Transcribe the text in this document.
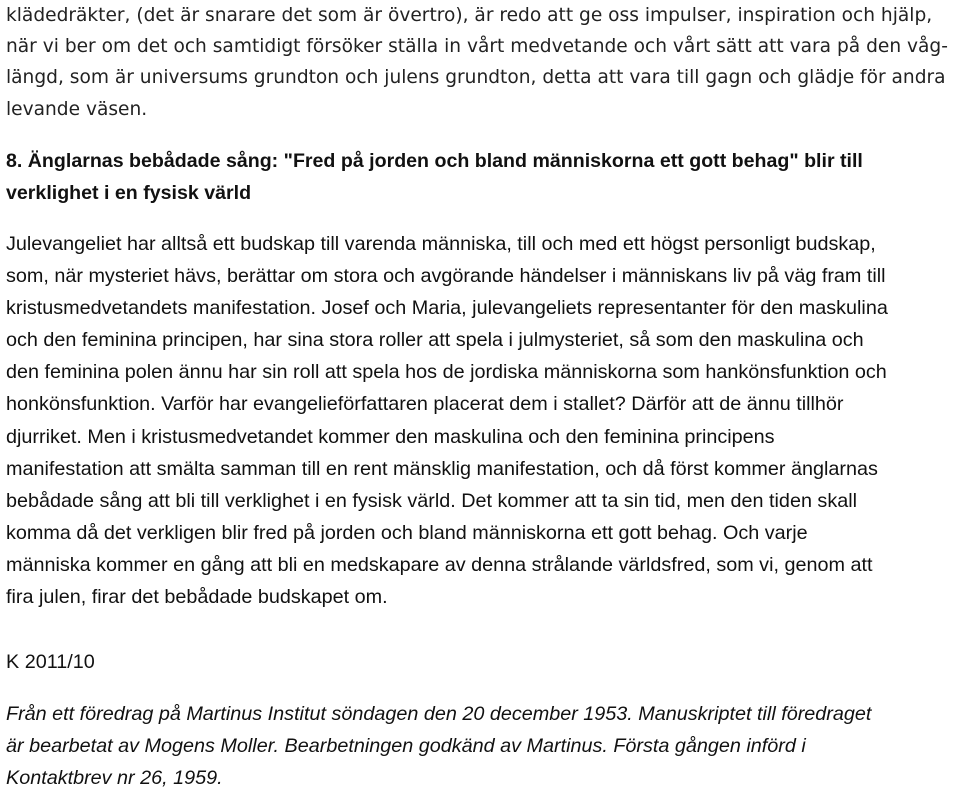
klädedräkter, (det är snarare det som är övertro), är redo att ge oss impulser, inspiration och hjälp,
när vi ber om det och samtidigt försöker ställa in vårt medvetande och vårt sätt att vara på den våg-
längd, som är universums grundton och julens grundton, detta att vara till gagn och glädje för andra
levande väsen.

8. Änglarnas bebådade sång: "Fred på jorden och bland människorna ett gott behag" blir till
verklighet i en fysisk värld

Julevangeliet har alltså ett budskap till varenda människa, till och med ett högst personligt budskap,
som, när mysteriet hävs, berättar om stora och avgörande händelser i människans liv på väg fram till
kristusmedvetandets manifestation. Josef och Maria, julevangeliets representanter för den maskulina
och den feminina principen, har sina stora roller att spela i julmysteriet, så som den maskulina och
den feminina polen ännu har sin roll att spela hos de jordiska människorna som hankönsfunktion och
honkönsfunktion. Varför har evangelieförfattaren placerat dem i stallet? Därför att de ännu tillhör
djurriket. Men i kristusmedvetandet kommer den maskulina och den feminina principens
manifestation att smälta samman till en rent mänsklig manifestation, och då först kommer änglarnas
bebådade sång att bli till verklighet i en fysisk värld. Det kommer att ta sin tid, men den tiden skall
komma då det verkligen blir fred på jorden och bland människorna ett gott behag. Och varje
människa kommer en gång att bli en medskapare av denna strålande världsfred, som vi, genom att
fira julen, firar det bebådade budskapet om.

K 2011/10

Från ett föredrag på Martinus Institut söndagen den 20 december 1953. Manuskriptet till föredraget
är bearbetat av Mogens Moller. Bearbetningen godkänd av Martinus. Första gången införd i
Kontaktbrev nr 26, 1959.
